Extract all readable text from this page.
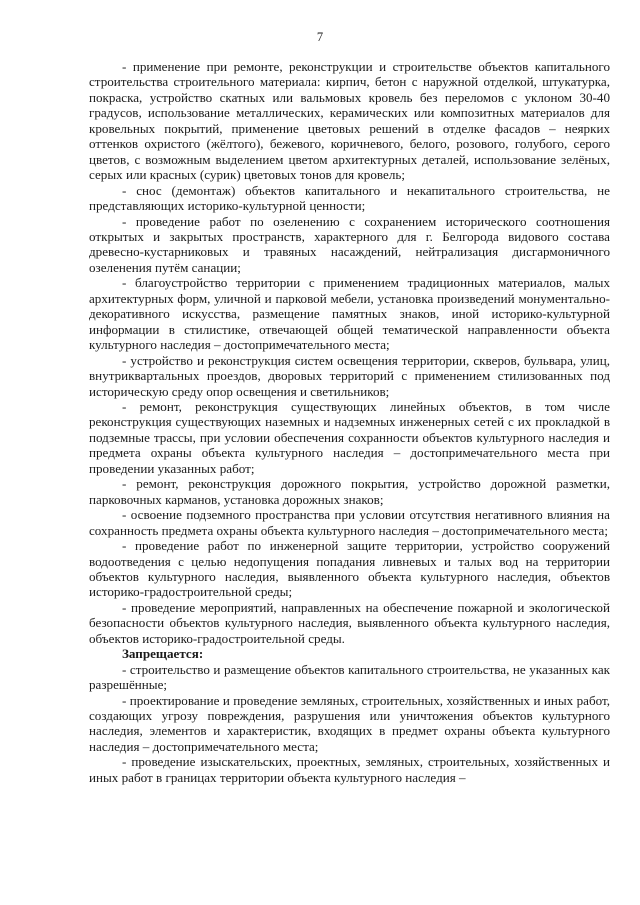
7

- применение при ремонте, реконструкции и строительстве объектов капитального строительства строительного материала: кирпич, бетон с наружной отделкой, штукатурка, покраска, устройство скатных или вальмовых кровель без переломов с уклоном 30-40 градусов, использование металлических, керамических или композитных материалов для кровельных покрытий, применение цветовых решений в отделке фасадов – неярких оттенков охристого (жёлтого), бежевого, коричневого, белого, розового, голубого, серого цветов, с возможным выделением цветом архитектурных деталей, использование зелёных, серых или красных (сурик) цветовых тонов для кровель;

- снос (демонтаж) объектов капитального и некапитального строительства, не представляющих историко-культурной ценности;

- проведение работ по озеленению с сохранением исторического соотношения открытых и закрытых пространств, характерного для г. Белгорода видового состава древесно-кустарниковых и травяных насаждений, нейтрализация дисгармоничного озеленения путём санации;

- благоустройство территории с применением традиционных материалов, малых архитектурных форм, уличной и парковой мебели, установка произведений монументально-декоративного искусства, размещение памятных знаков, иной историко-культурной информации в стилистике, отвечающей общей тематической направленности объекта культурного наследия – достопримечательного места;

- устройство и реконструкция систем освещения территории, скверов, бульвара, улиц, внутриквартальных проездов, дворовых территорий с применением стилизованных под историческую среду опор освещения и светильников;

- ремонт, реконструкция существующих линейных объектов, в том числе реконструкция существующих наземных и надземных инженерных сетей с их прокладкой в подземные трассы, при условии обеспечения сохранности объектов культурного наследия и предмета охраны объекта культурного наследия – достопримечательного места при проведении указанных работ;

- ремонт, реконструкция дорожного покрытия, устройство дорожной разметки, парковочных карманов, установка дорожных знаков;

- освоение подземного пространства при условии отсутствия негативного влияния на сохранность предмета охраны объекта культурного наследия – достопримечательного места;

- проведение работ по инженерной защите территории, устройство сооружений водоотведения с целью недопущения попадания ливневых и талых вод на территории объектов культурного наследия, выявленного объекта культурного наследия, объектов историко-градостроительной среды;

- проведение мероприятий, направленных на обеспечение пожарной и экологической безопасности объектов культурного наследия, выявленного объекта культурного наследия, объектов историко-градостроительной среды.

Запрещается:

- строительство и размещение объектов капитального строительства, не указанных как разрешённые;

- проектирование и проведение земляных, строительных, хозяйственных и иных работ, создающих угрозу повреждения, разрушения или уничтожения объектов культурного наследия, элементов и характеристик, входящих в предмет охраны объекта культурного наследия – достопримечательного места;

- проведение изыскательских, проектных, земляных, строительных, хозяйственных и иных работ в границах территории объекта культурного наследия –
